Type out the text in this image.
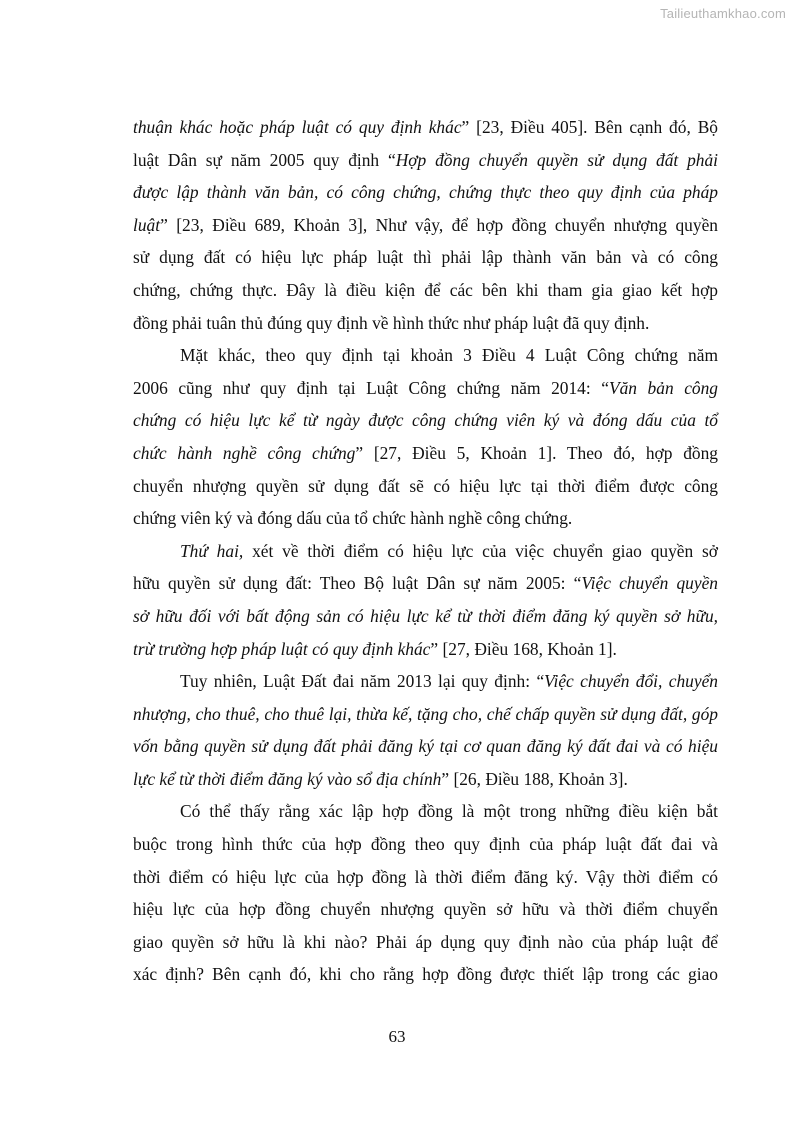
Tailieuthamkhao.com
thuận khác hoặc pháp luật có quy định khác” [23, Điều 405]. Bên cạnh đó, Bộ
luật Dân sự năm 2005 quy định “Hợp đồng chuyển quyền sử dụng đất phải
được lập thành văn bản, có công chứng, chứng thực theo quy định của pháp
luật” [23, Điều 689, Khoản 3], Như vậy, để hợp đồng chuyển nhượng quyền
sử dụng đất có hiệu lực pháp luật thì phải lập thành văn bản và có công
chứng, chứng thực. Đây là điều kiện để các bên khi tham gia giao kết hợp
đồng phải tuân thủ đúng quy định về hình thức như pháp luật đã quy định.
Mặt khác, theo quy định tại khoản 3 Điều 4 Luật Công chứng năm
2006 cũng như quy định tại Luật Công chứng năm 2014: “Văn bản công
chứng có hiệu lực kể từ ngày được công chứng viên ký và đóng dấu của tổ
chức hành nghề công chứng” [27, Điều 5, Khoản 1]. Theo đó, hợp đồng
chuyển nhượng quyền sử dụng đất sẽ có hiệu lực tại thời điểm được công
chứng viên ký và đóng dấu của tổ chức hành nghề công chứng.
Thứ hai, xét về thời điểm có hiệu lực của việc chuyển giao quyền sở
hữu quyền sử dụng đất: Theo Bộ luật Dân sự năm 2005: “Việc chuyển quyền
sở hữu đối với bất động sản có hiệu lực kể từ thời điểm đăng ký quyền sở hữu,
trừ trường hợp pháp luật có quy định khác” [27, Điều 168, Khoản 1].
Tuy nhiên, Luật Đất đai năm 2013 lại quy định: “Việc chuyển đổi, chuyển
nhượng, cho thuê, cho thuê lại, thừa kế, tặng cho, chế chấp quyền sử dụng đất, góp
vốn bằng quyền sử dụng đất phải đăng ký tại cơ quan đăng ký đất đai và có hiệu
lực kể từ thời điểm đăng ký vào sổ địa chính” [26, Điều 188, Khoản 3].
Có thể thấy rằng xác lập hợp đồng là một trong những điều kiện bắt
buộc trong hình thức của hợp đồng theo quy định của pháp luật đất đai và
thời điểm có hiệu lực của hợp đồng là thời điểm đăng ký. Vậy thời điểm có
hiệu lực của hợp đồng chuyển nhượng quyền sở hữu và thời điểm chuyển
giao quyền sở hữu là khi nào? Phải áp dụng quy định nào của pháp luật để
xác định? Bên cạnh đó, khi cho rằng hợp đồng được thiết lập trong các giao
63
